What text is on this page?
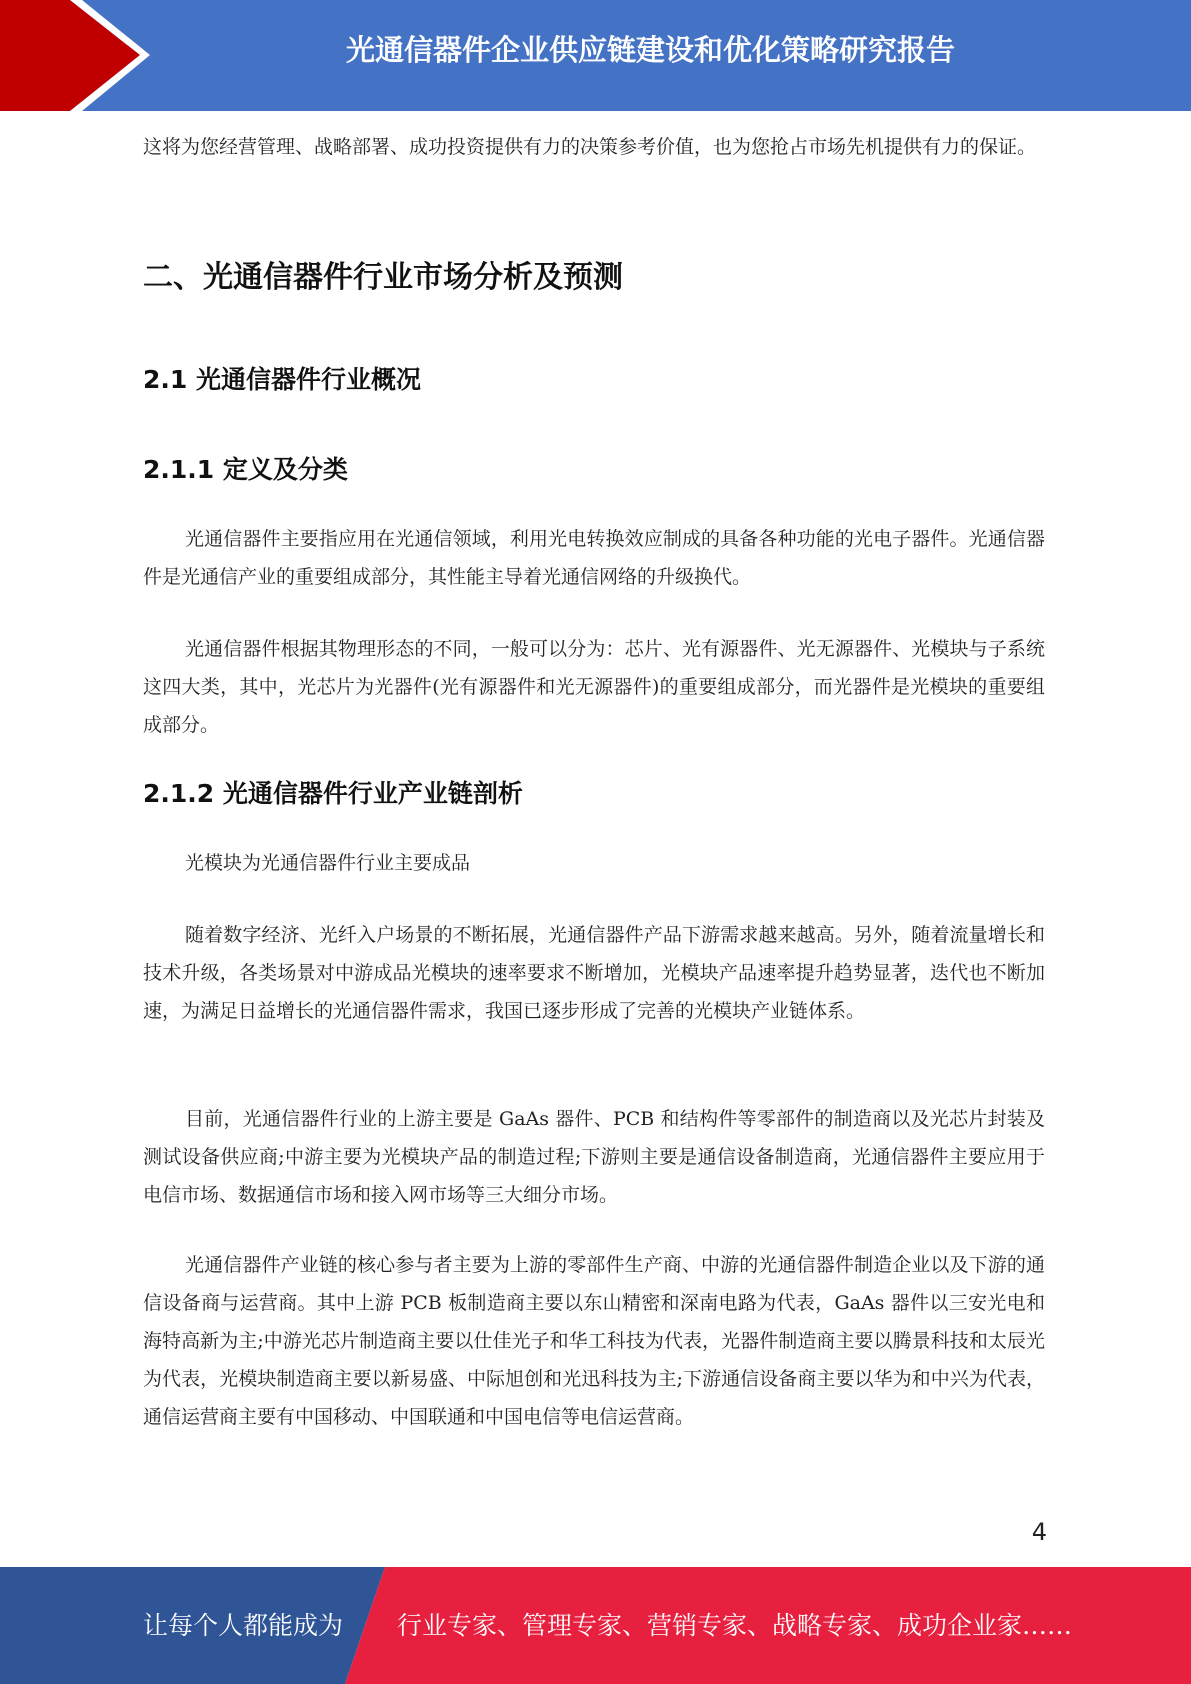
光通信器件企业供应链建设和优化策略研究报告

这将为您经营管理、战略部署、成功投资提供有力的决策参考价值，也为您抢占市场先机提供有力的保证。

二、光通信器件行业市场分析及预测
2.1 光通信器件行业概况
2.1.1 定义及分类

光通信器件主要指应用在光通信领域，利用光电转换效应制成的具备各种功能的光电子器件。光通信器件是光通信产业的重要组成部分，其性能主导着光通信网络的升级换代。

光通信器件根据其物理形态的不同，一般可以分为：芯片、光有源器件、光无源器件、光模块与子系统这四大类，其中，光芯片为光器件(光有源器件和光无源器件)的重要组成部分，而光器件是光模块的重要组成部分。

2.1.2 光通信器件行业产业链剖析

光模块为光通信器件行业主要成品

随着数字经济、光纤入户场景的不断拓展，光通信器件产品下游需求越来越高。另外，随着流量增长和技术升级，各类场景对中游成品光模块的速率要求不断增加，光模块产品速率提升趋势显著，迭代也不断加速，为满足日益增长的光通信器件需求，我国已逐步形成了完善的光模块产业链体系。

目前，光通信器件行业的上游主要是 GaAs 器件、PCB 和结构件等零部件的制造商以及光芯片封装及测试设备供应商;中游主要为光模块产品的制造过程;下游则主要是通信设备制造商，光通信器件主要应用于电信市场、数据通信市场和接入网市场等三大细分市场。

光通信器件产业链的核心参与者主要为上游的零部件生产商、中游的光通信器件制造企业以及下游的通信设备商与运营商。其中上游 PCB 板制造商主要以东山精密和深南电路为代表，GaAs 器件以三安光电和海特高新为主;中游光芯片制造商主要以仕佳光子和华工科技为代表，光器件制造商主要以腾景科技和太辰光为代表，光模块制造商主要以新易盛、中际旭创和光迅科技为主;下游通信设备商主要以华为和中兴为代表，通信运营商主要有中国移动、中国联通和中国电信等电信运营商。

4
让每个人都能成为 行业专家、管理专家、营销专家、战略专家、成功企业家……
